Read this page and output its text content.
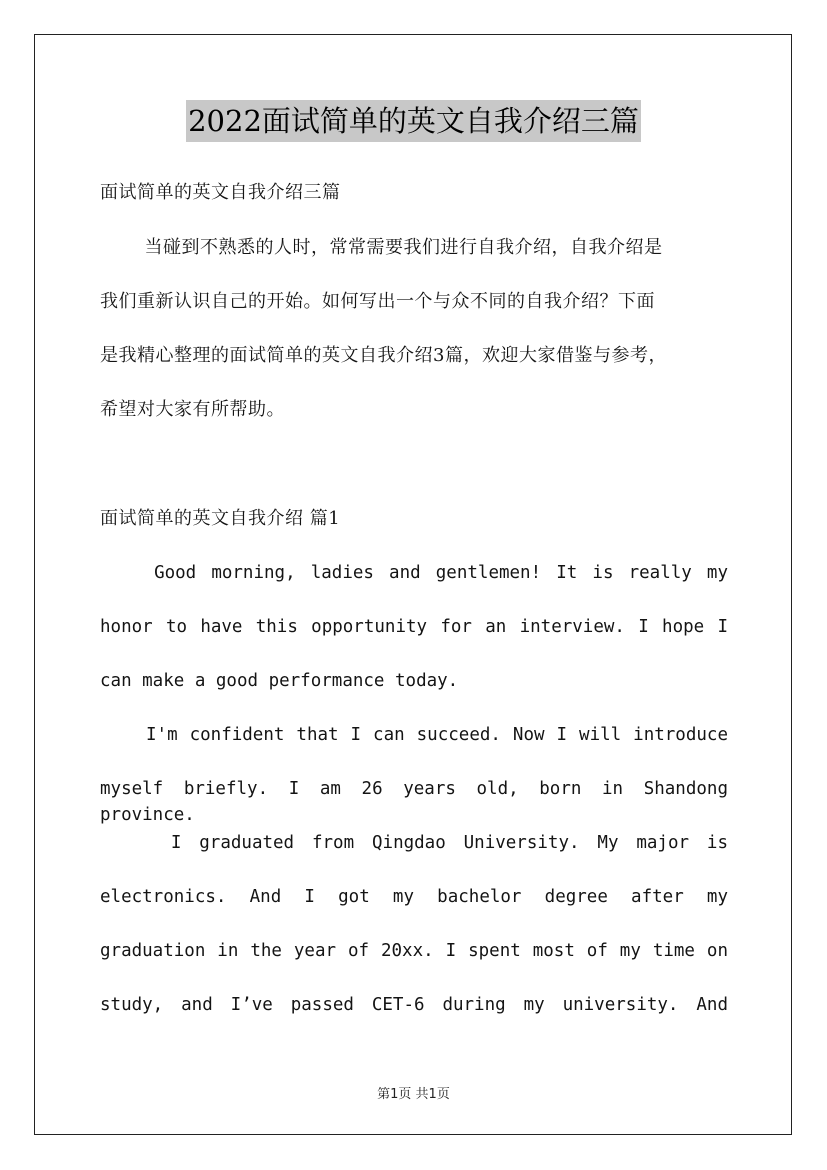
2022面试简单的英文自我介绍三篇
面试简单的英文自我介绍三篇
　当碰到不熟悉的人时，常常需要我们进行自我介绍，自我介绍是
我们重新认识自己的开始。如何写出一个与众不同的自我介绍？下面
是我精心整理的面试简单的英文自我介绍3篇，欢迎大家借鉴与参考，
希望对大家有所帮助。
面试简单的英文自我介绍 篇1
　Good morning, ladies and gentlemen! It is really my
honor to have this opportunity for an interview. I hope I
can make a good performance today.
I'm confident that I can succeed. Now I will introduce
myself briefly. I am 26 years old, born in Shandong province.
　I graduated from Qingdao University. My major is
electronics. And I got my bachelor degree after my
graduation in the year of 20xx. I spent most of my time on
study, and I’ve passed CET-6 during my university. And
第1页 共1页
